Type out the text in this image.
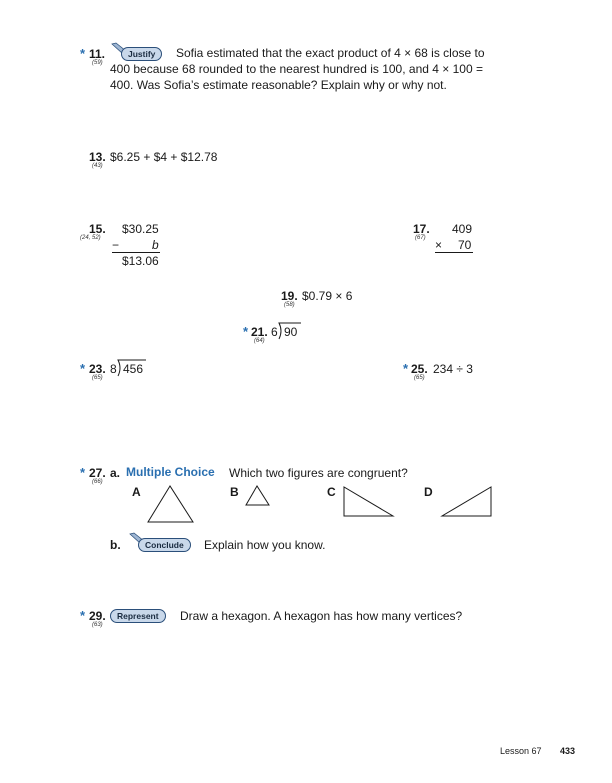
* 11.
(59)
Justify	Sofia estimated that the exact product of 4 × 68 is close to
400 because 68 rounded to the nearest hundred is 100, and 4 × 100 =
400. Was Sofia’s estimate reasonable? Explain why or why not.
13.
(43)
$6.25 + $4 + $12.78
15.
(24, 52)
$30.25
−	b
$13.06
17.
(67)
409
× 70
19.
(58)
$0.79 × 6
* 21.
(64)
6 90
* 23.
(65)
8 456	* 25.
(65)
234 ÷ 3
* 27.
(66)
a. Multiple Choice Which two figures are congruent?
A	B	C	D
b.	Conclude	Explain how you know.
* 29.
(63)
Represent	Draw a hexagon. A hexagon has how many vertices?
Lesson 67 433
